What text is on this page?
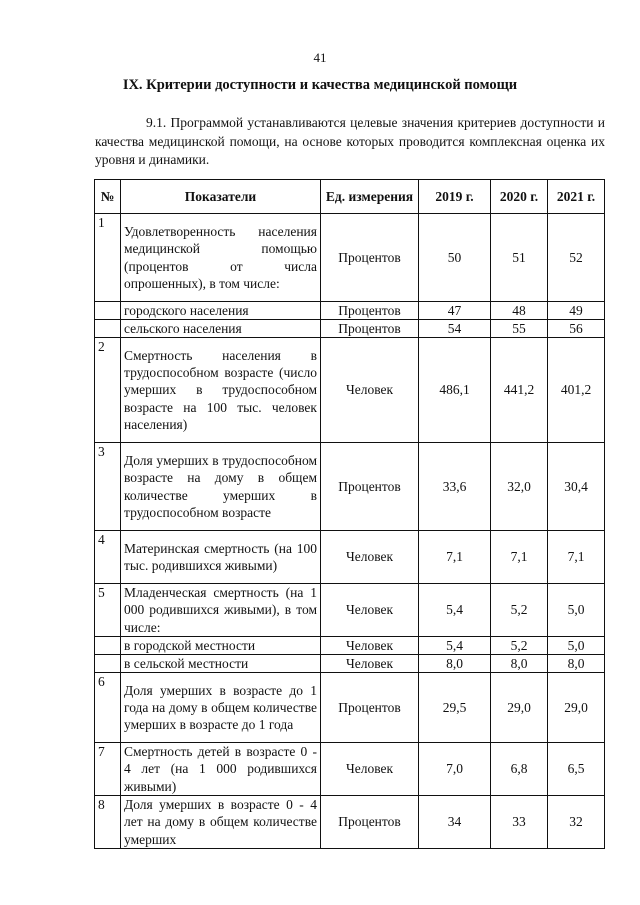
41
IX. Критерии доступности и качества медицинской помощи
9.1. Программой устанавливаются целевые значения критериев доступности и качества медицинской помощи, на основе которых проводится комплексная оценка их уровня и динамики.
№	Показатели	Ед. измерения	2019 г.	2020 г.	2021 г.
1	Удовлетворенность населения медицинской помощью (процентов от числа опрошенных), в том числе:	Процентов	50	51	52
	городского населения	Процентов	47	48	49
	сельского населения	Процентов	54	55	56
2	Смертность населения в трудоспособном возрасте (число умерших в трудоспособном возрасте на 100 тыс. человек населения)	Человек	486,1	441,2	401,2
3	Доля умерших в трудоспособном возрасте на дому в общем количестве умерших в трудоспособном возрасте	Процентов	33,6	32,0	30,4
4	Материнская смертность (на 100 тыс. родившихся живыми)	Человек	7,1	7,1	7,1
5	Младенческая смертность (на 1 000 родившихся живыми), в том числе:	Человек	5,4	5,2	5,0
	в городской местности	Человек	5,4	5,2	5,0
	в сельской местности	Человек	8,0	8,0	8,0
6	Доля умерших в возрасте до 1 года на дому в общем количестве умерших в возрасте до 1 года	Процентов	29,5	29,0	29,0
7	Смертность детей в возрасте 0 - 4 лет (на 1 000 родившихся живыми)	Человек	7,0	6,8	6,5
8	Доля умерших в возрасте 0 - 4 лет на дому в общем количестве умерших	Процентов	34	33	32
